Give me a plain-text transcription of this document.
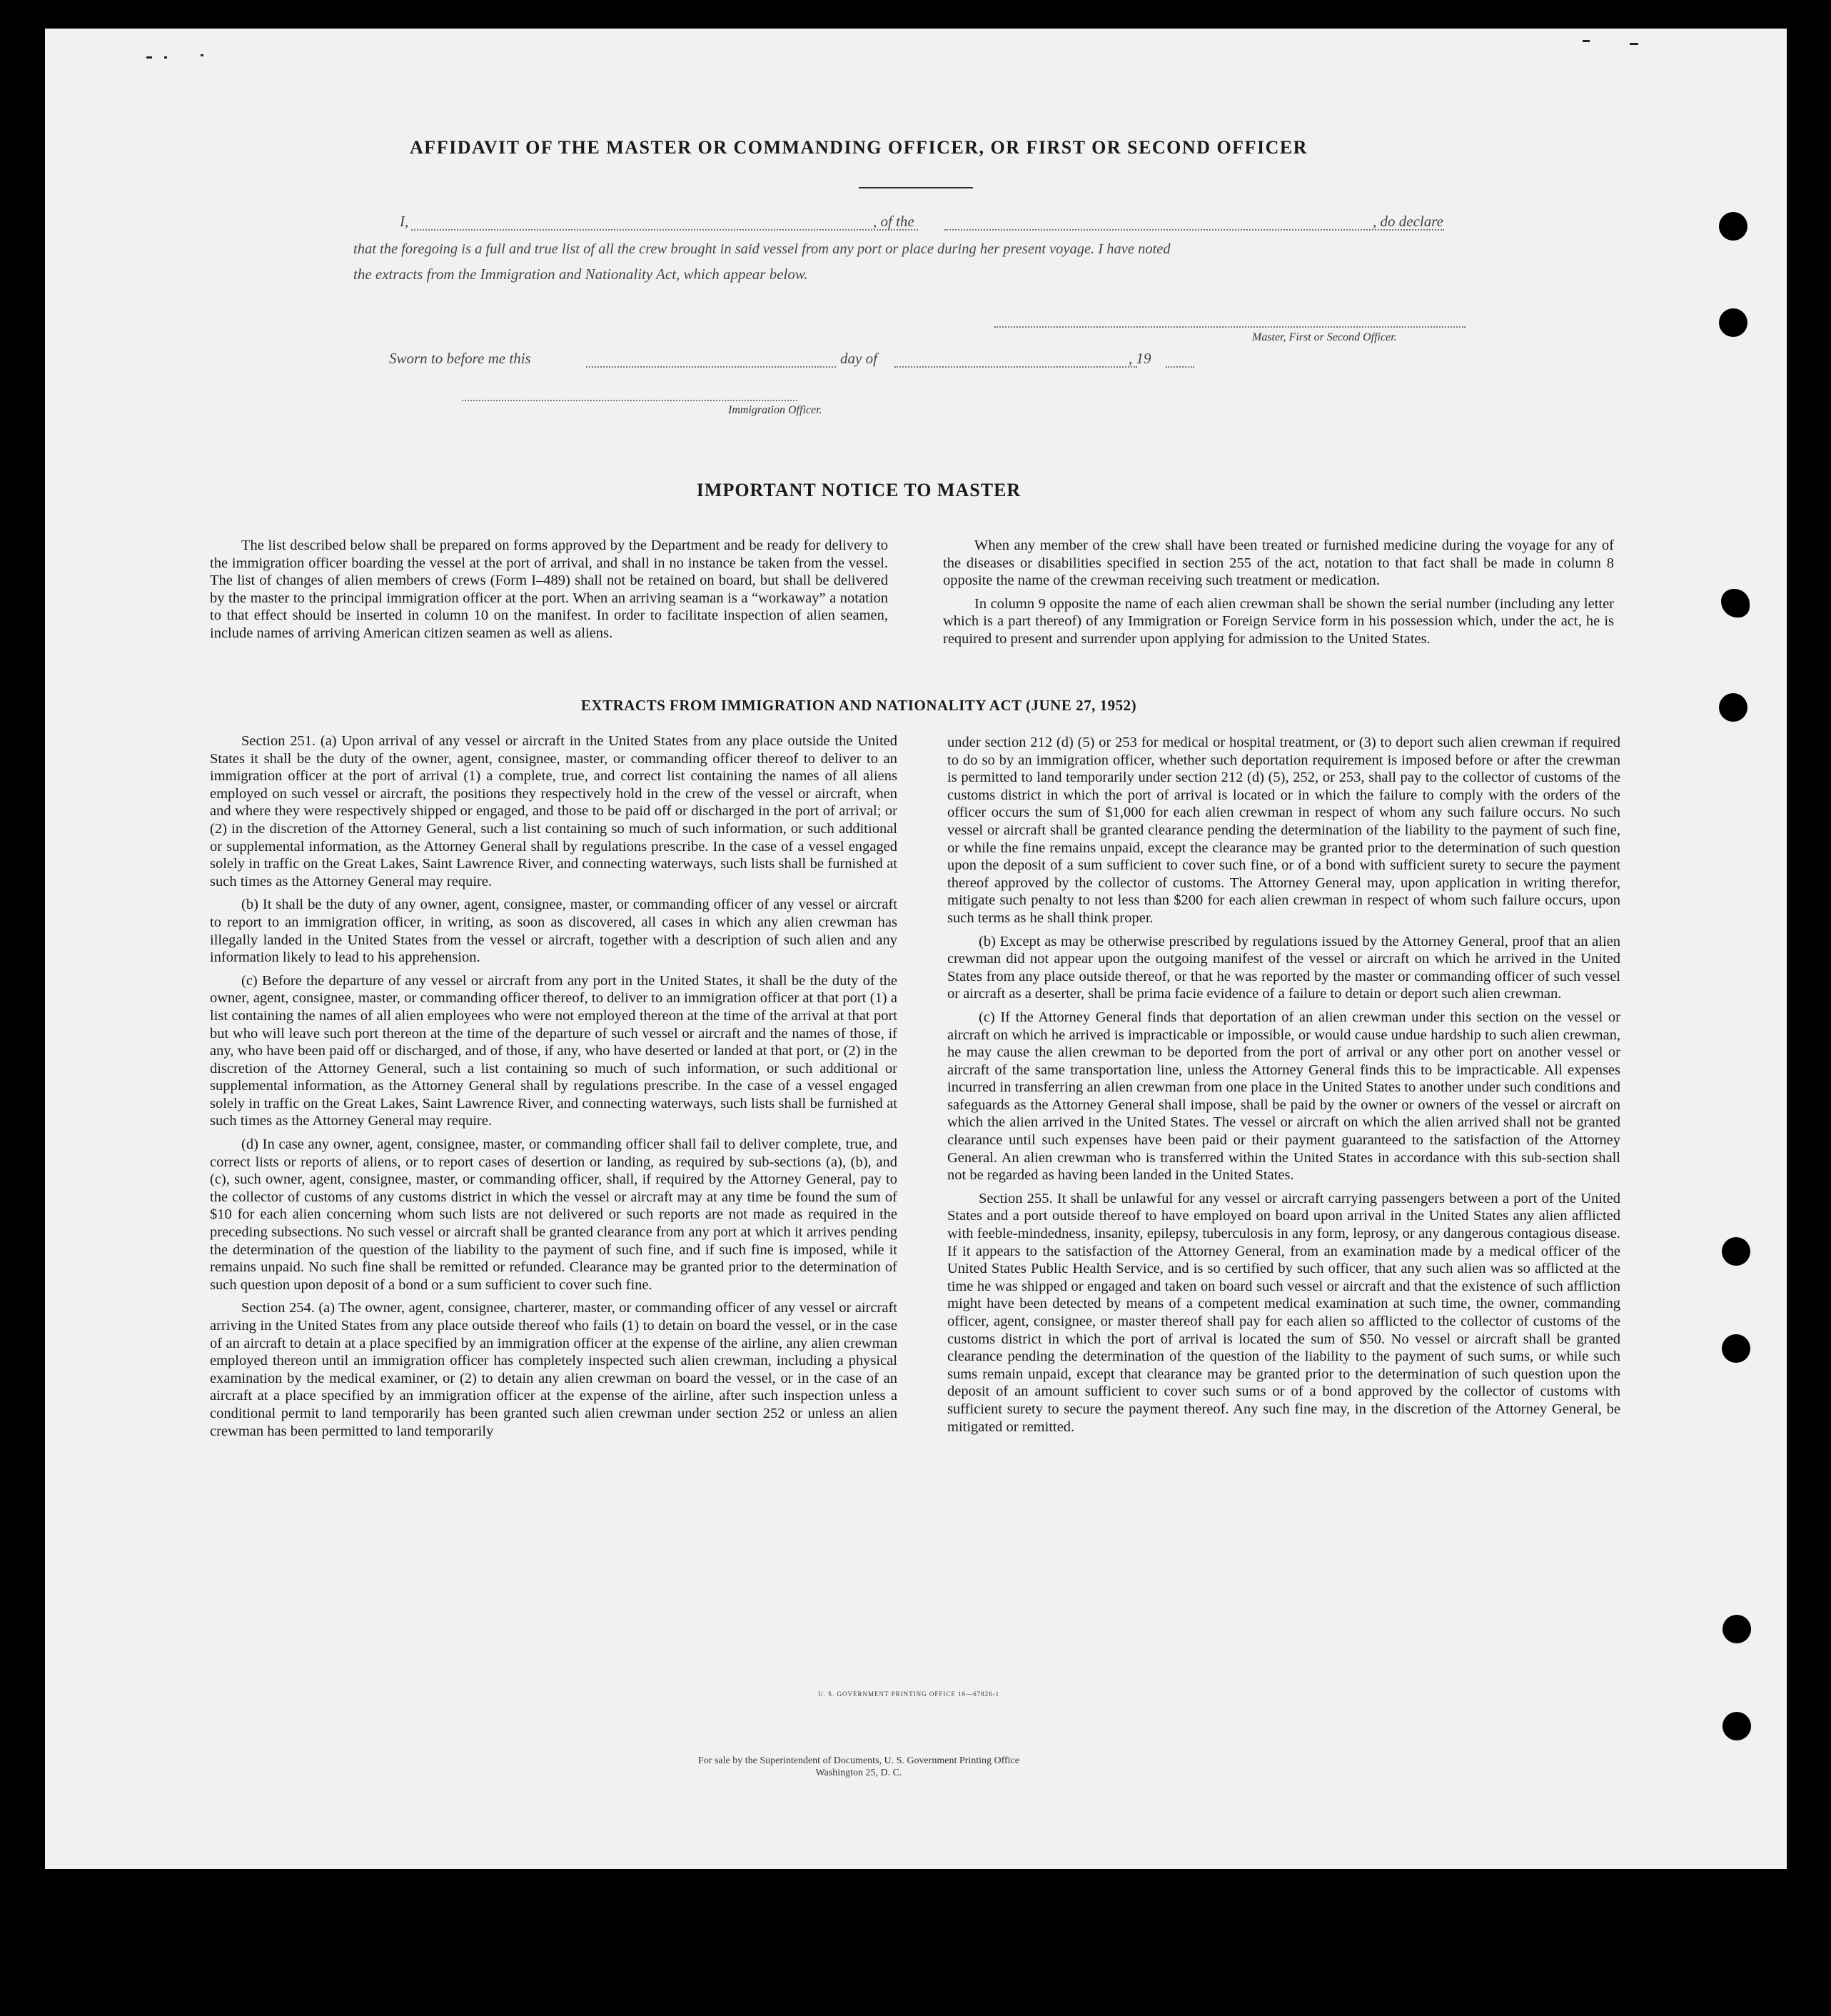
AFFIDAVIT OF THE MASTER OR COMMANDING OFFICER, OR FIRST OR SECOND OFFICER

I,	, of the	, do declare
that the foregoing is a full and true list of all the crew brought in said vessel from any port or place during her present voyage. I have noted
the extracts from the Immigration and Nationality Act, which appear below.
Master, First or Second Officer.
Sworn to before me this	day of	, 19
Immigration Officer.

IMPORTANT NOTICE TO MASTER

The list described below shall be prepared on forms approved by the Department and be ready for delivery to the immigration officer boarding the vessel at the port of arrival, and shall in no instance be taken from the vessel. The list of changes of alien members of crews (Form I–489) shall not be retained on board, but shall be delivered by the master to the principal immigration officer at the port. When an arriving seaman is a “workaway” a notation to that effect should be inserted in column 10 on the manifest. In order to facilitate inspection of alien seamen, include names of arriving American citizen seamen as well as aliens.

When any member of the crew shall have been treated or furnished medicine during the voyage for any of the diseases or disabilities specified in section 255 of the act, notation to that fact shall be made in column 8 opposite the name of the crewman receiving such treatment or medication.

In column 9 opposite the name of each alien crewman shall be shown the serial number (including any letter which is a part thereof) of any Immigration or Foreign Service form in his possession which, under the act, he is required to present and surrender upon applying for admission to the United States.

EXTRACTS FROM IMMIGRATION AND NATIONALITY ACT (JUNE 27, 1952)

Section 251. (a) Upon arrival of any vessel or aircraft in the United States from any place outside the United States it shall be the duty of the owner, agent, consignee, master, or commanding officer thereof to deliver to an immigration officer at the port of arrival (1) a complete, true, and correct list containing the names of all aliens employed on such vessel or aircraft, the positions they respectively hold in the crew of the vessel or aircraft, when and where they were respectively shipped or engaged, and those to be paid off or discharged in the port of arrival; or (2) in the discretion of the Attorney General, such a list containing so much of such information, or such additional or supplemental information, as the Attorney General shall by regulations prescribe. In the case of a vessel engaged solely in traffic on the Great Lakes, Saint Lawrence River, and connecting waterways, such lists shall be furnished at such times as the Attorney General may require.

(b) It shall be the duty of any owner, agent, consignee, master, or commanding officer of any vessel or aircraft to report to an immigration officer, in writing, as soon as discovered, all cases in which any alien crewman has illegally landed in the United States from the vessel or aircraft, together with a description of such alien and any information likely to lead to his apprehension.

(c) Before the departure of any vessel or aircraft from any port in the United States, it shall be the duty of the owner, agent, consignee, master, or commanding officer thereof, to deliver to an immigration officer at that port (1) a list containing the names of all alien employees who were not employed thereon at the time of the arrival at that port but who will leave such port thereon at the time of the departure of such vessel or aircraft and the names of those, if any, who have been paid off or discharged, and of those, if any, who have deserted or landed at that port, or (2) in the discretion of the Attorney General, such a list containing so much of such information, or such additional or supplemental information, as the Attorney General shall by regulations prescribe. In the case of a vessel engaged solely in traffic on the Great Lakes, Saint Lawrence River, and connecting waterways, such lists shall be furnished at such times as the Attorney General may require.

(d) In case any owner, agent, consignee, master, or commanding officer shall fail to deliver complete, true, and correct lists or reports of aliens, or to report cases of desertion or landing, as required by sub-sections (a), (b), and (c), such owner, agent, consignee, master, or commanding officer, shall, if required by the Attorney General, pay to the collector of customs of any customs district in which the vessel or aircraft may at any time be found the sum of $10 for each alien concerning whom such lists are not delivered or such reports are not made as required in the preceding subsections. No such vessel or aircraft shall be granted clearance from any port at which it arrives pending the determination of the question of the liability to the payment of such fine, and if such fine is imposed, while it remains unpaid. No such fine shall be remitted or refunded. Clearance may be granted prior to the determination of such question upon deposit of a bond or a sum sufficient to cover such fine.

Section 254. (a) The owner, agent, consignee, charterer, master, or commanding officer of any vessel or aircraft arriving in the United States from any place outside thereof who fails (1) to detain on board the vessel, or in the case of an aircraft to detain at a place specified by an immigration officer at the expense of the airline, any alien crewman employed thereon until an immigration officer has completely inspected such alien crewman, including a physical examination by the medical examiner, or (2) to detain any alien crewman on board the vessel, or in the case of an aircraft at a place specified by an immigration officer at the expense of the airline, after such inspection unless a conditional permit to land temporarily has been granted such alien crewman under section 252 or unless an alien crewman has been permitted to land temporarily

under section 212 (d) (5) or 253 for medical or hospital treatment, or (3) to deport such alien crewman if required to do so by an immigration officer, whether such deportation requirement is imposed before or after the crewman is permitted to land temporarily under section 212 (d) (5), 252, or 253, shall pay to the collector of customs of the customs district in which the port of arrival is located or in which the failure to comply with the orders of the officer occurs the sum of $1,000 for each alien crewman in respect of whom any such failure occurs. No such vessel or aircraft shall be granted clearance pending the determination of the liability to the payment of such fine, or while the fine remains unpaid, except the clearance may be granted prior to the determination of such question upon the deposit of a sum sufficient to cover such fine, or of a bond with sufficient surety to secure the payment thereof approved by the collector of customs. The Attorney General may, upon application in writing therefor, mitigate such penalty to not less than $200 for each alien crewman in respect of whom such failure occurs, upon such terms as he shall think proper.

(b) Except as may be otherwise prescribed by regulations issued by the Attorney General, proof that an alien crewman did not appear upon the outgoing manifest of the vessel or aircraft on which he arrived in the United States from any place outside thereof, or that he was reported by the master or commanding officer of such vessel or aircraft as a deserter, shall be prima facie evidence of a failure to detain or deport such alien crewman.

(c) If the Attorney General finds that deportation of an alien crewman under this section on the vessel or aircraft on which he arrived is impracticable or impossible, or would cause undue hardship to such alien crewman, he may cause the alien crewman to be deported from the port of arrival or any other port on another vessel or aircraft of the same transportation line, unless the Attorney General finds this to be impracticable. All expenses incurred in transferring an alien crewman from one place in the United States to another under such conditions and safeguards as the Attorney General shall impose, shall be paid by the owner or owners of the vessel or aircraft on which the alien arrived in the United States. The vessel or aircraft on which the alien arrived shall not be granted clearance until such expenses have been paid or their payment guaranteed to the satisfaction of the Attorney General. An alien crewman who is transferred within the United States in accordance with this sub-section shall not be regarded as having been landed in the United States.

Section 255. It shall be unlawful for any vessel or aircraft carrying passengers between a port of the United States and a port outside thereof to have employed on board upon arrival in the United States any alien afflicted with feeble-mindedness, insanity, epilepsy, tuberculosis in any form, leprosy, or any dangerous contagious disease. If it appears to the satisfaction of the Attorney General, from an examination made by a medical officer of the United States Public Health Service, and is so certified by such officer, that any such alien was so afflicted at the time he was shipped or engaged and taken on board such vessel or aircraft and that the existence of such affliction might have been detected by means of a competent medical examination at such time, the owner, commanding officer, agent, consignee, or master thereof shall pay for each alien so afflicted to the collector of customs of the customs district in which the port of arrival is located the sum of $50. No vessel or aircraft shall be granted clearance pending the determination of the question of the liability to the payment of such sums, or while such sums remain unpaid, except that clearance may be granted prior to the determination of such question upon the deposit of an amount sufficient to cover such sums or of a bond approved by the collector of customs with sufficient surety to secure the payment thereof. Any such fine may, in the discretion of the Attorney General, be mitigated or remitted.

U. S. GOVERNMENT PRINTING OFFICE 16—67826-1
For sale by the Superintendent of Documents, U. S. Government Printing Office
Washington 25, D. C.
